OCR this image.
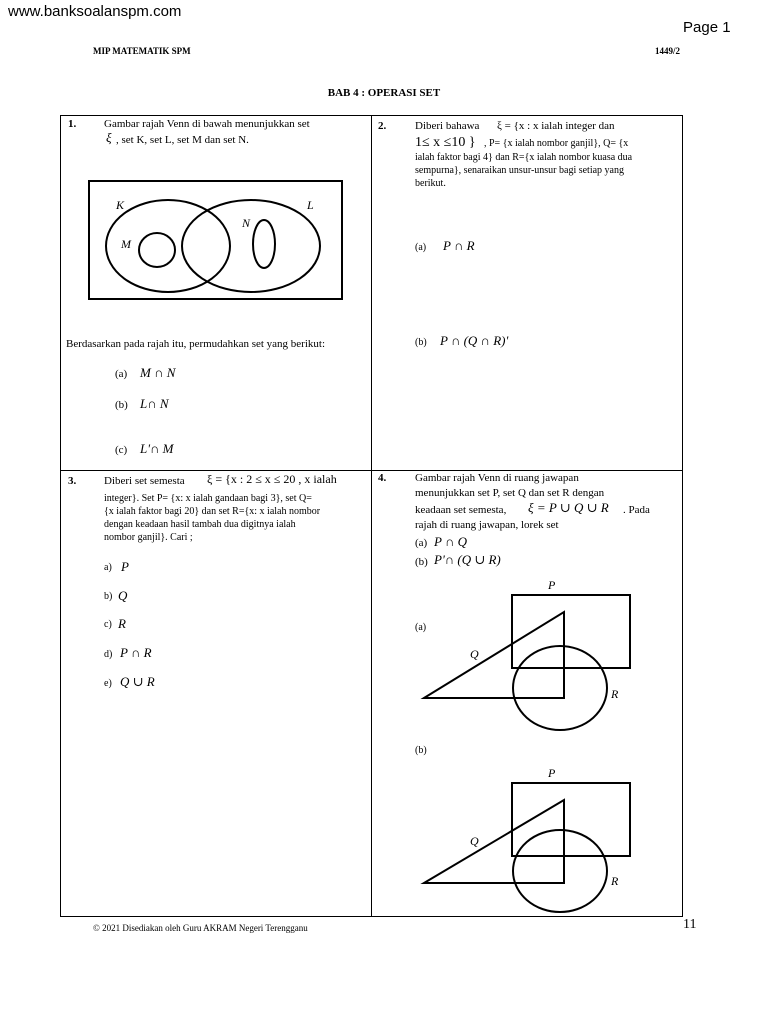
www.banksoalanspm.com
Page 1
MIP MATEMATIK SPM	1449/2
BAB 4 : OPERASI SET
1.	Gambar rajah Venn di bawah menunjukkan set
ξ , set K, set L, set M dan set N.
K	L
M
N
Berdasarkan pada rajah itu, permudahkan set yang berikut:
(a) M ∩ N
(b) L∩ N
(c) L'∩ M
2.	Diberi bahawa ξ = {x : x ialah integer dan
1≤ x ≤10 } , P= {x ialah nombor ganjil}, Q= {x
ialah faktor bagi 4} dan R={x ialah nombor kuasa dua
sempurna}, senaraikan unsur-unsur bagi setiap yang
berikut.
(a) P ∩ R
(b) P ∩ (Q ∩ R)'
3.	Diberi set semesta ξ = {x : 2 ≤ x ≤ 20 , x ialah
integer}. Set P= {x: x ialah gandaan bagi 3}, set Q=
{x ialah faktor bagi 20} dan set R={x: x ialah nombor
dengan keadaan hasil tambah dua digitnya ialah
nombor ganjil}. Cari ;
a) P
b) Q
c) R
d) P ∩ R
e) Q ∪ R
4.	Gambar rajah Venn di ruang jawapan
menunjukkan set P, set Q dan set R dengan
keadaan set semesta, ξ = P ∪ Q ∪ R . Pada
rajah di ruang jawapan, lorek set
(a) P ∩ Q
(b) P'∩ (Q ∪ R)
(a)
P
Q
R
(b)
P
Q
R
© 2021 Disediakan oleh Guru AKRAM Negeri Terengganu	11
